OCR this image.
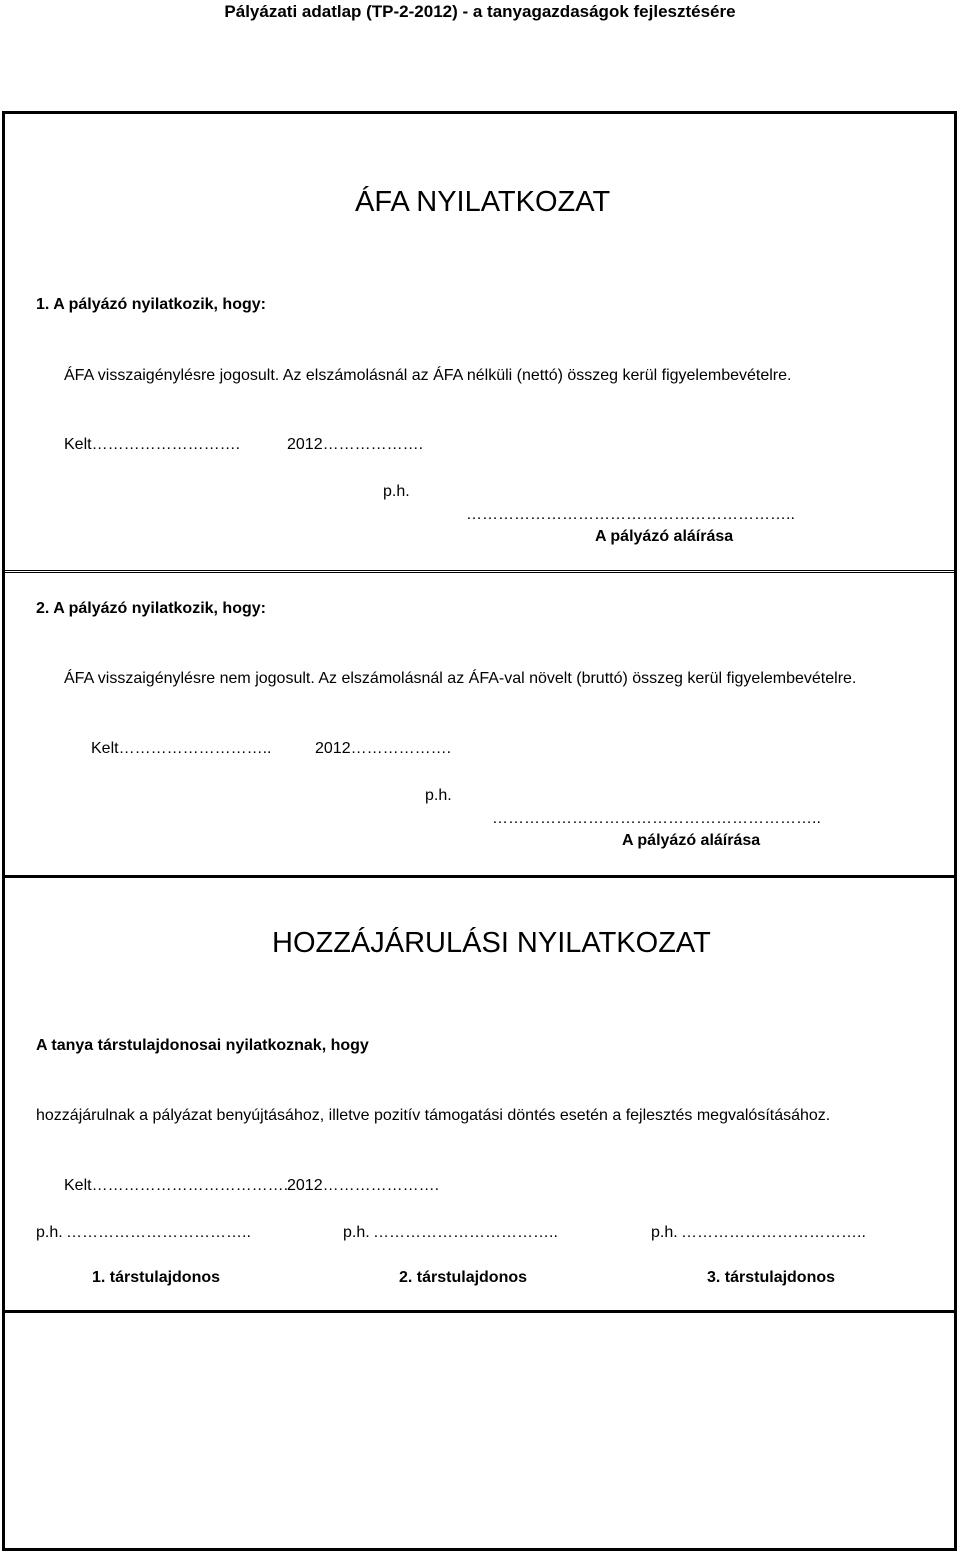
Pályázati adatlap (TP-2-2012) - a tanyagazdaságok fejlesztésére
ÁFA NYILATKOZAT
1. A pályázó nyilatkozik, hogy:
ÁFA visszaigénylésre jogosult. Az elszámolásnál az ÁFA nélküli (nettó) összeg kerül figyelembevételre.
Kelt……………………….	2012……………….
p.h.
……………………………………………………..
A pályázó aláírása
2. A pályázó nyilatkozik, hogy:
ÁFA visszaigénylésre nem jogosult. Az elszámolásnál az ÁFA-val növelt (bruttó) összeg kerül figyelembevételre.
Kelt………………………..	2012……………….
p.h.
……………………………………………………..
A pályázó aláírása
HOZZÁJÁRULÁSI NYILATKOZAT
A tanya társtulajdonosai nyilatkoznak, hogy
hozzájárulnak a pályázat benyújtásához, illetve pozitív támogatási döntés esetén a fejlesztés megvalósításához.
Kelt……………………………….
2012………………….
p.h. ……………………………..
1. társtulajdonos
p.h. ……………………………..
2. társtulajdonos
p.h. ……………………………..
3. társtulajdonos
